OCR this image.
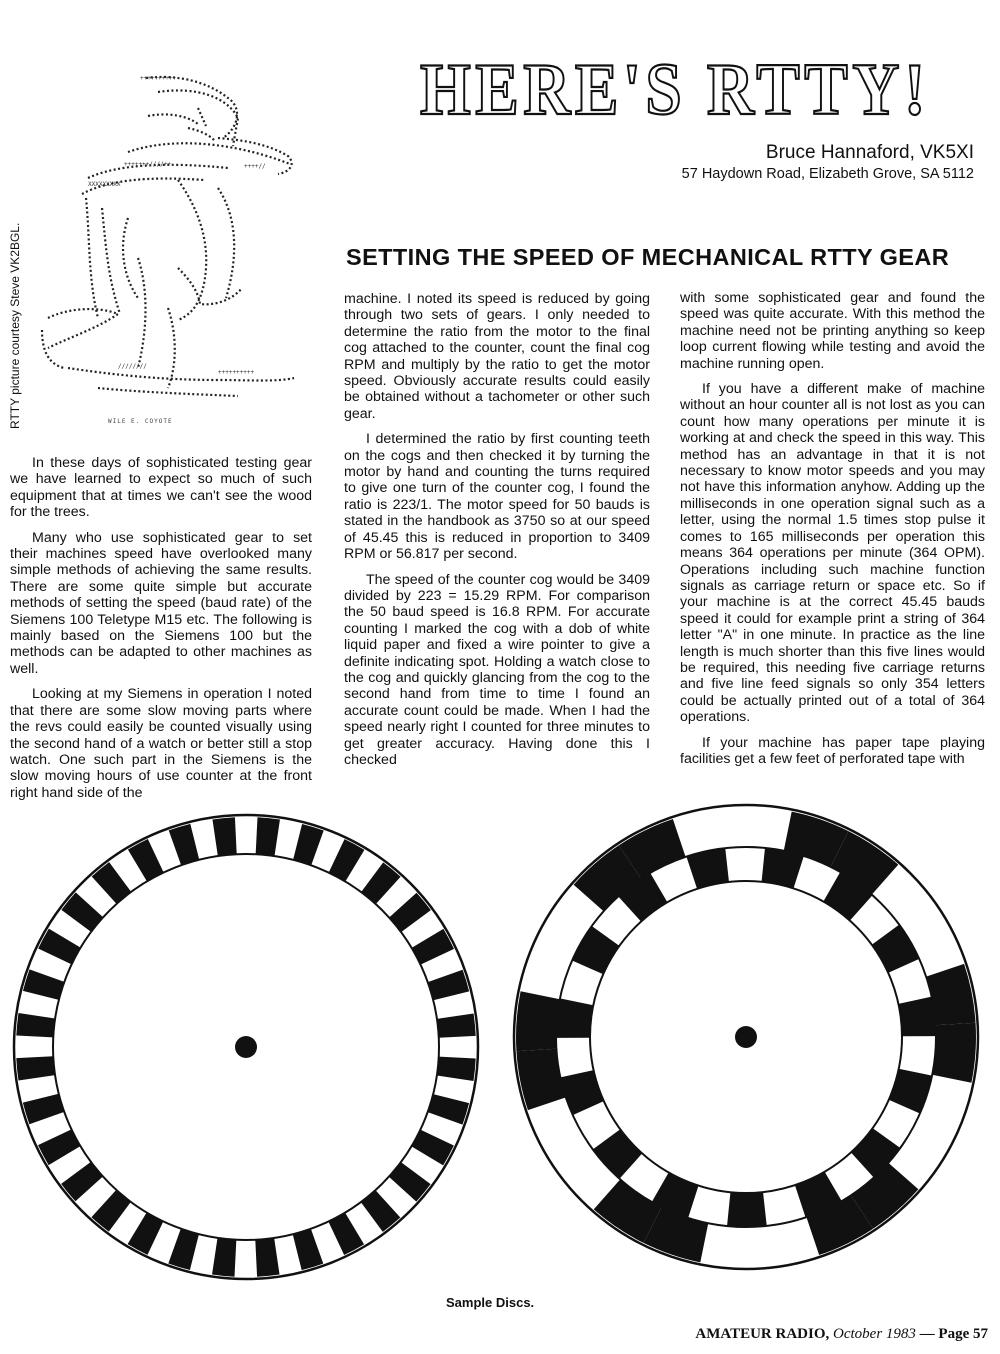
RTTY picture courtesy Steve VK2BGL.
++++++++++
+++++++////++
XXXXXXXXX
++++//
////////
++++++++++
WILE E. COYOTE
HERE'S RTTY!
Bruce Hannaford, VK5XI
57 Haydown Road, Elizabeth Grove, SA 5112
SETTING THE SPEED OF MECHANICAL RTTY GEAR

In these days of sophisticated testing gear we have learned to expect so much of such equipment that at times we can't see the wood for the trees.

Many who use sophisticated gear to set their machines speed have overlooked many simple methods of achieving the same results. There are some quite simple but accurate methods of setting the speed (baud rate) of the Siemens 100 Teletype M15 etc. The following is mainly based on the Siemens 100 but the methods can be adapted to other machines as well.

Looking at my Siemens in operation I noted that there are some slow moving parts where the revs could easily be counted visually using the second hand of a watch or better still a stop watch. One such part in the Siemens is the slow moving hours of use counter at the front right hand side of the

machine. I noted its speed is reduced by going through two sets of gears. I only needed to determine the ratio from the motor to the final cog attached to the counter, count the final cog RPM and multiply by the ratio to get the motor speed. Obviously accurate results could easily be obtained without a tachometer or other such gear.

I determined the ratio by first counting teeth on the cogs and then checked it by turning the motor by hand and counting the turns required to give one turn of the counter cog, I found the ratio is 223/1. The motor speed for 50 bauds is stated in the handbook as 3750 so at our speed of 45.45 this is reduced in proportion to 3409 RPM or 56.817 per second.

The speed of the counter cog would be 3409 divided by 223 = 15.29 RPM. For comparison the 50 baud speed is 16.8 RPM. For accurate counting I marked the cog with a dob of white liquid paper and fixed a wire pointer to give a definite indicating spot. Holding a watch close to the cog and quickly glancing from the cog to the second hand from time to time I found an accurate count could be made. When I had the speed nearly right I counted for three minutes to get greater accuracy. Having done this I checked

with some sophisticated gear and found the speed was quite accurate. With this method the machine need not be printing anything so keep loop current flowing while testing and avoid the machine running open.

If you have a different make of machine without an hour counter all is not lost as you can count how many operations per minute it is working at and check the speed in this way. This method has an advantage in that it is not necessary to know motor speeds and you may not have this information anyhow. Adding up the milliseconds in one operation signal such as a letter, using the normal 1.5 times stop pulse it comes to 165 milliseconds per operation this means 364 operations per minute (364 OPM). Operations including such machine function signals as carriage return or space etc. So if your machine is at the correct 45.45 bauds speed it could for example print a string of 364 letter "A" in one minute. In practice as the line length is much shorter than this five lines would be required, this needing five carriage returns and five line feed signals so only 354 letters could be actually printed out of a total of 364 operations.

If your machine has paper tape playing facilities get a few feet of perforated tape with

Sample Discs.
AMATEUR RADIO, October 1983 — Page 57
